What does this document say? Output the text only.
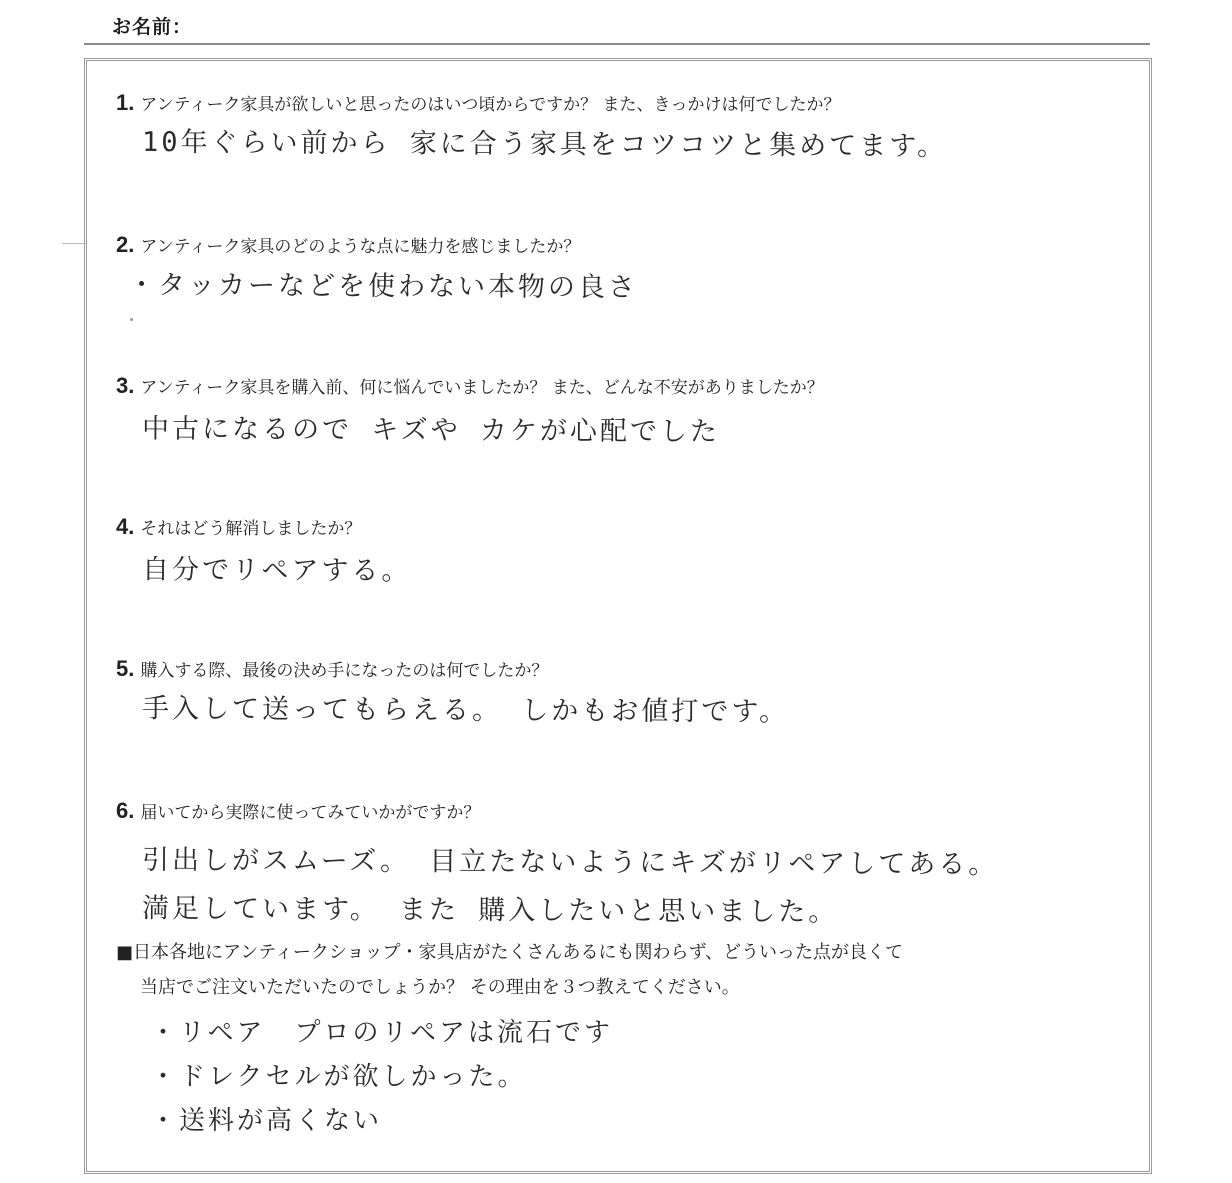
お名前：
1. アンティーク家具が欲しいと思ったのはいつ頃からですか？ また、きっかけは何でしたか？
10年ぐらい前から 家に合う家具をコツコツと集めてます。
2. アンティーク家具のどのような点に魅力を感じましたか？
・タッカーなどを使わない本物の良さ
3. アンティーク家具を購入前、何に悩んでいましたか？ また、どんな不安がありましたか？
中古になるので キズや カケが心配でした
4. それはどう解消しましたか？
自分でリペアする。
5. 購入する際、最後の決め手になったのは何でしたか？
手入して送ってもらえる。 しかもお値打です。
6. 届いてから実際に使ってみていかがですか？
引出しがスムーズ。 目立たないようにキズがリペアしてある。
満足しています。 また 購入したいと思いました。
■日本各地にアンティークショップ・家具店がたくさんあるにも関わらず、どういった点が良くて
当店でご注文いただいたのでしょうか？ その理由を３つ教えてください。
・リペア　プロのリペアは流石です
・ドレクセルが欲しかった。
・送料が高くない
